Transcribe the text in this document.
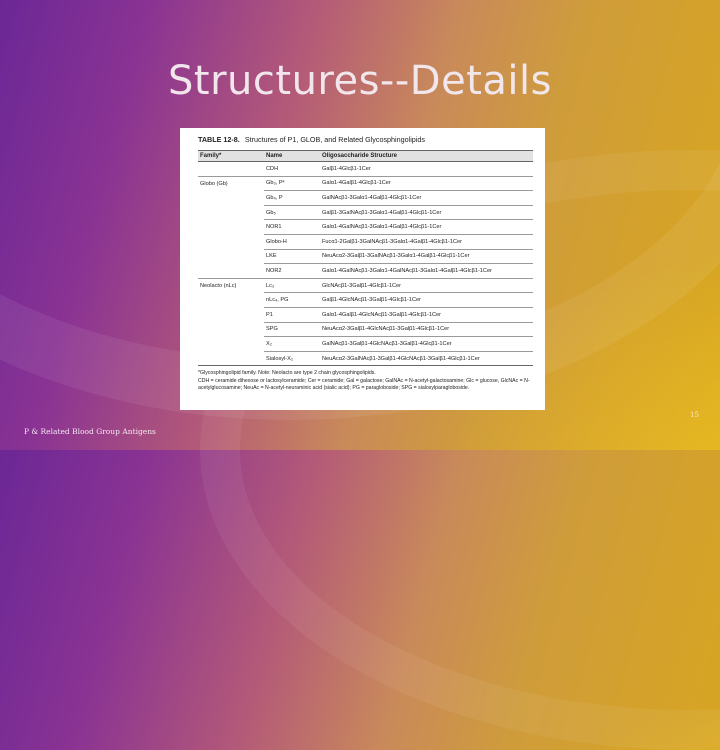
Structures--Details
TABLE 12-8. Structures of P1, GLOB, and Related Glycosphingolipids
Family*	Name	Oligosaccharide Structure
	CDH	Galβ1-4Glcβ1-1Cer
Globo (Gb)	Gb₃, Pᵏ	Galα1-4Galβ1-4Glcβ1-1Cer
	Gb₄, P	GalNAcβ1-3Galα1-4Galβ1-4Glcβ1-1Cer
	Gb₅	Galβ1-3GalNAcβ1-3Galα1-4Galβ1-4Glcβ1-1Cer
	NOR1	Galα1-4GalNAcβ1-3Galα1-4Galβ1-4Glcβ1-1Cer
	Globo-H	Fucα1-2Galβ1-3GalNAcβ1-3Galα1-4Galβ1-4Glcβ1-1Cer
	LKE	NeuAcα2-3Galβ1-3GalNAcβ1-3Galα1-4Galβ1-4Glcβ1-1Cer
	NOR2	Galα1-4GalNAcβ1-3Galα1-4GalNAcβ1-3Galα1-4Galβ1-4Glcβ1-1Cer
Neolacto (nLc)	Lc₃	GlcNAcβ1-3Galβ1-4Glcβ1-1Cer
	nLc₄, PG	Galβ1-4GlcNAcβ1-3Galβ1-4Glcβ1-1Cer
	P1	Galα1-4Galβ1-4GlcNAcβ1-3Galβ1-4Glcβ1-1Cer
	SPG	NeuAcα2-3Galβ1-4GlcNAcβ1-3Galβ1-4Glcβ1-1Cer
	X₂	GalNAcβ1-3Galβ1-4GlcNAcβ1-3Galβ1-4Glcβ1-1Cer
	Sialosyl-X₂	NeuAcα2-3GalNAcβ1-3Galβ1-4GlcNAcβ1-3Galβ1-4Glcβ1-1Cer
*Glycosphingolipid family. Note: Neolacto are type 2 chain glycosphingolipids.
CDH = ceramide dihexose or lactosylceramide; Cer = ceramide; Gal = galactose; GalNAc = N-acetyl-galactosamine; Glc = glucose, GlcNAc = N-acetylglucosamine; NeuAc = N-acetyl-neuraminic acid (sialic acid); PG = paragloboside; SPG = sialosylparagloboside.
P & Related Blood Group Antigens
15
